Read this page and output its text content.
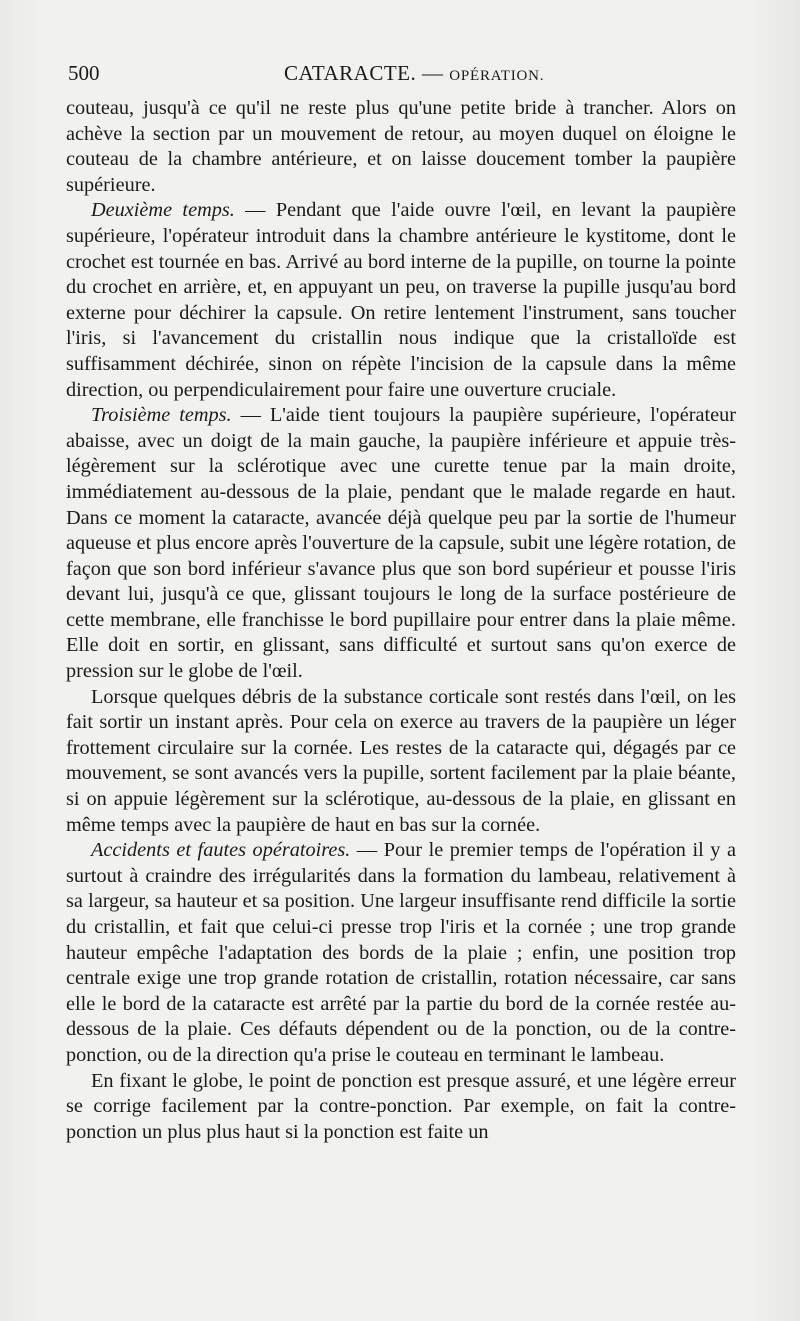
500	CATARACTE. — OPÉRATION.

couteau, jusqu'à ce qu'il ne reste plus qu'une petite bride à trancher. Alors on achève la section par un mouvement de retour, au moyen duquel on éloigne le couteau de la chambre antérieure, et on laisse doucement tomber la paupière supérieure.

Deuxième temps. — Pendant que l'aide ouvre l'œil, en levant la paupière supérieure, l'opérateur introduit dans la chambre antérieure le kystitome, dont le crochet est tournée en bas. Arrivé au bord interne de la pupille, on tourne la pointe du crochet en arrière, et, en appuyant un peu, on traverse la pupille jusqu'au bord externe pour déchirer la capsule. On retire lentement l'instrument, sans toucher l'iris, si l'avancement du cristallin nous indique que la cristalloïde est suffisamment déchirée, sinon on répète l'incision de la capsule dans la même direction, ou perpendiculairement pour faire une ouverture cruciale.

Troisième temps. — L'aide tient toujours la paupière supérieure, l'opérateur abaisse, avec un doigt de la main gauche, la paupière inférieure et appuie très-légèrement sur la sclérotique avec une curette tenue par la main droite, immédiatement au-dessous de la plaie, pendant que le malade regarde en haut. Dans ce moment la cataracte, avancée déjà quelque peu par la sortie de l'humeur aqueuse et plus encore après l'ouverture de la capsule, subit une légère rotation, de façon que son bord inférieur s'avance plus que son bord supérieur et pousse l'iris devant lui, jusqu'à ce que, glissant toujours le long de la surface postérieure de cette membrane, elle franchisse le bord pupillaire pour entrer dans la plaie même. Elle doit en sortir, en glissant, sans difficulté et surtout sans qu'on exerce de pression sur le globe de l'œil.

Lorsque quelques débris de la substance corticale sont restés dans l'œil, on les fait sortir un instant après. Pour cela on exerce au travers de la paupière un léger frottement circulaire sur la cornée. Les restes de la cataracte qui, dégagés par ce mouvement, se sont avancés vers la pupille, sortent facilement par la plaie béante, si on appuie légèrement sur la sclérotique, au-dessous de la plaie, en glissant en même temps avec la paupière de haut en bas sur la cornée.

Accidents et fautes opératoires. — Pour le premier temps de l'opération il y a surtout à craindre des irrégularités dans la formation du lambeau, relativement à sa largeur, sa hauteur et sa position. Une largeur insuffisante rend difficile la sortie du cristallin, et fait que celui-ci presse trop l'iris et la cornée ; une trop grande hauteur empêche l'adaptation des bords de la plaie ; enfin, une position trop centrale exige une trop grande rotation de cristallin, rotation nécessaire, car sans elle le bord de la cataracte est arrêté par la partie du bord de la cornée restée au-dessous de la plaie. Ces défauts dépendent ou de la ponction, ou de la contre-ponction, ou de la direction qu'a prise le couteau en terminant le lambeau.

En fixant le globe, le point de ponction est presque assuré, et une légère erreur se corrige facilement par la contre-ponction. Par exemple, on fait la contre-ponction un plus plus haut si la ponction est faite un
